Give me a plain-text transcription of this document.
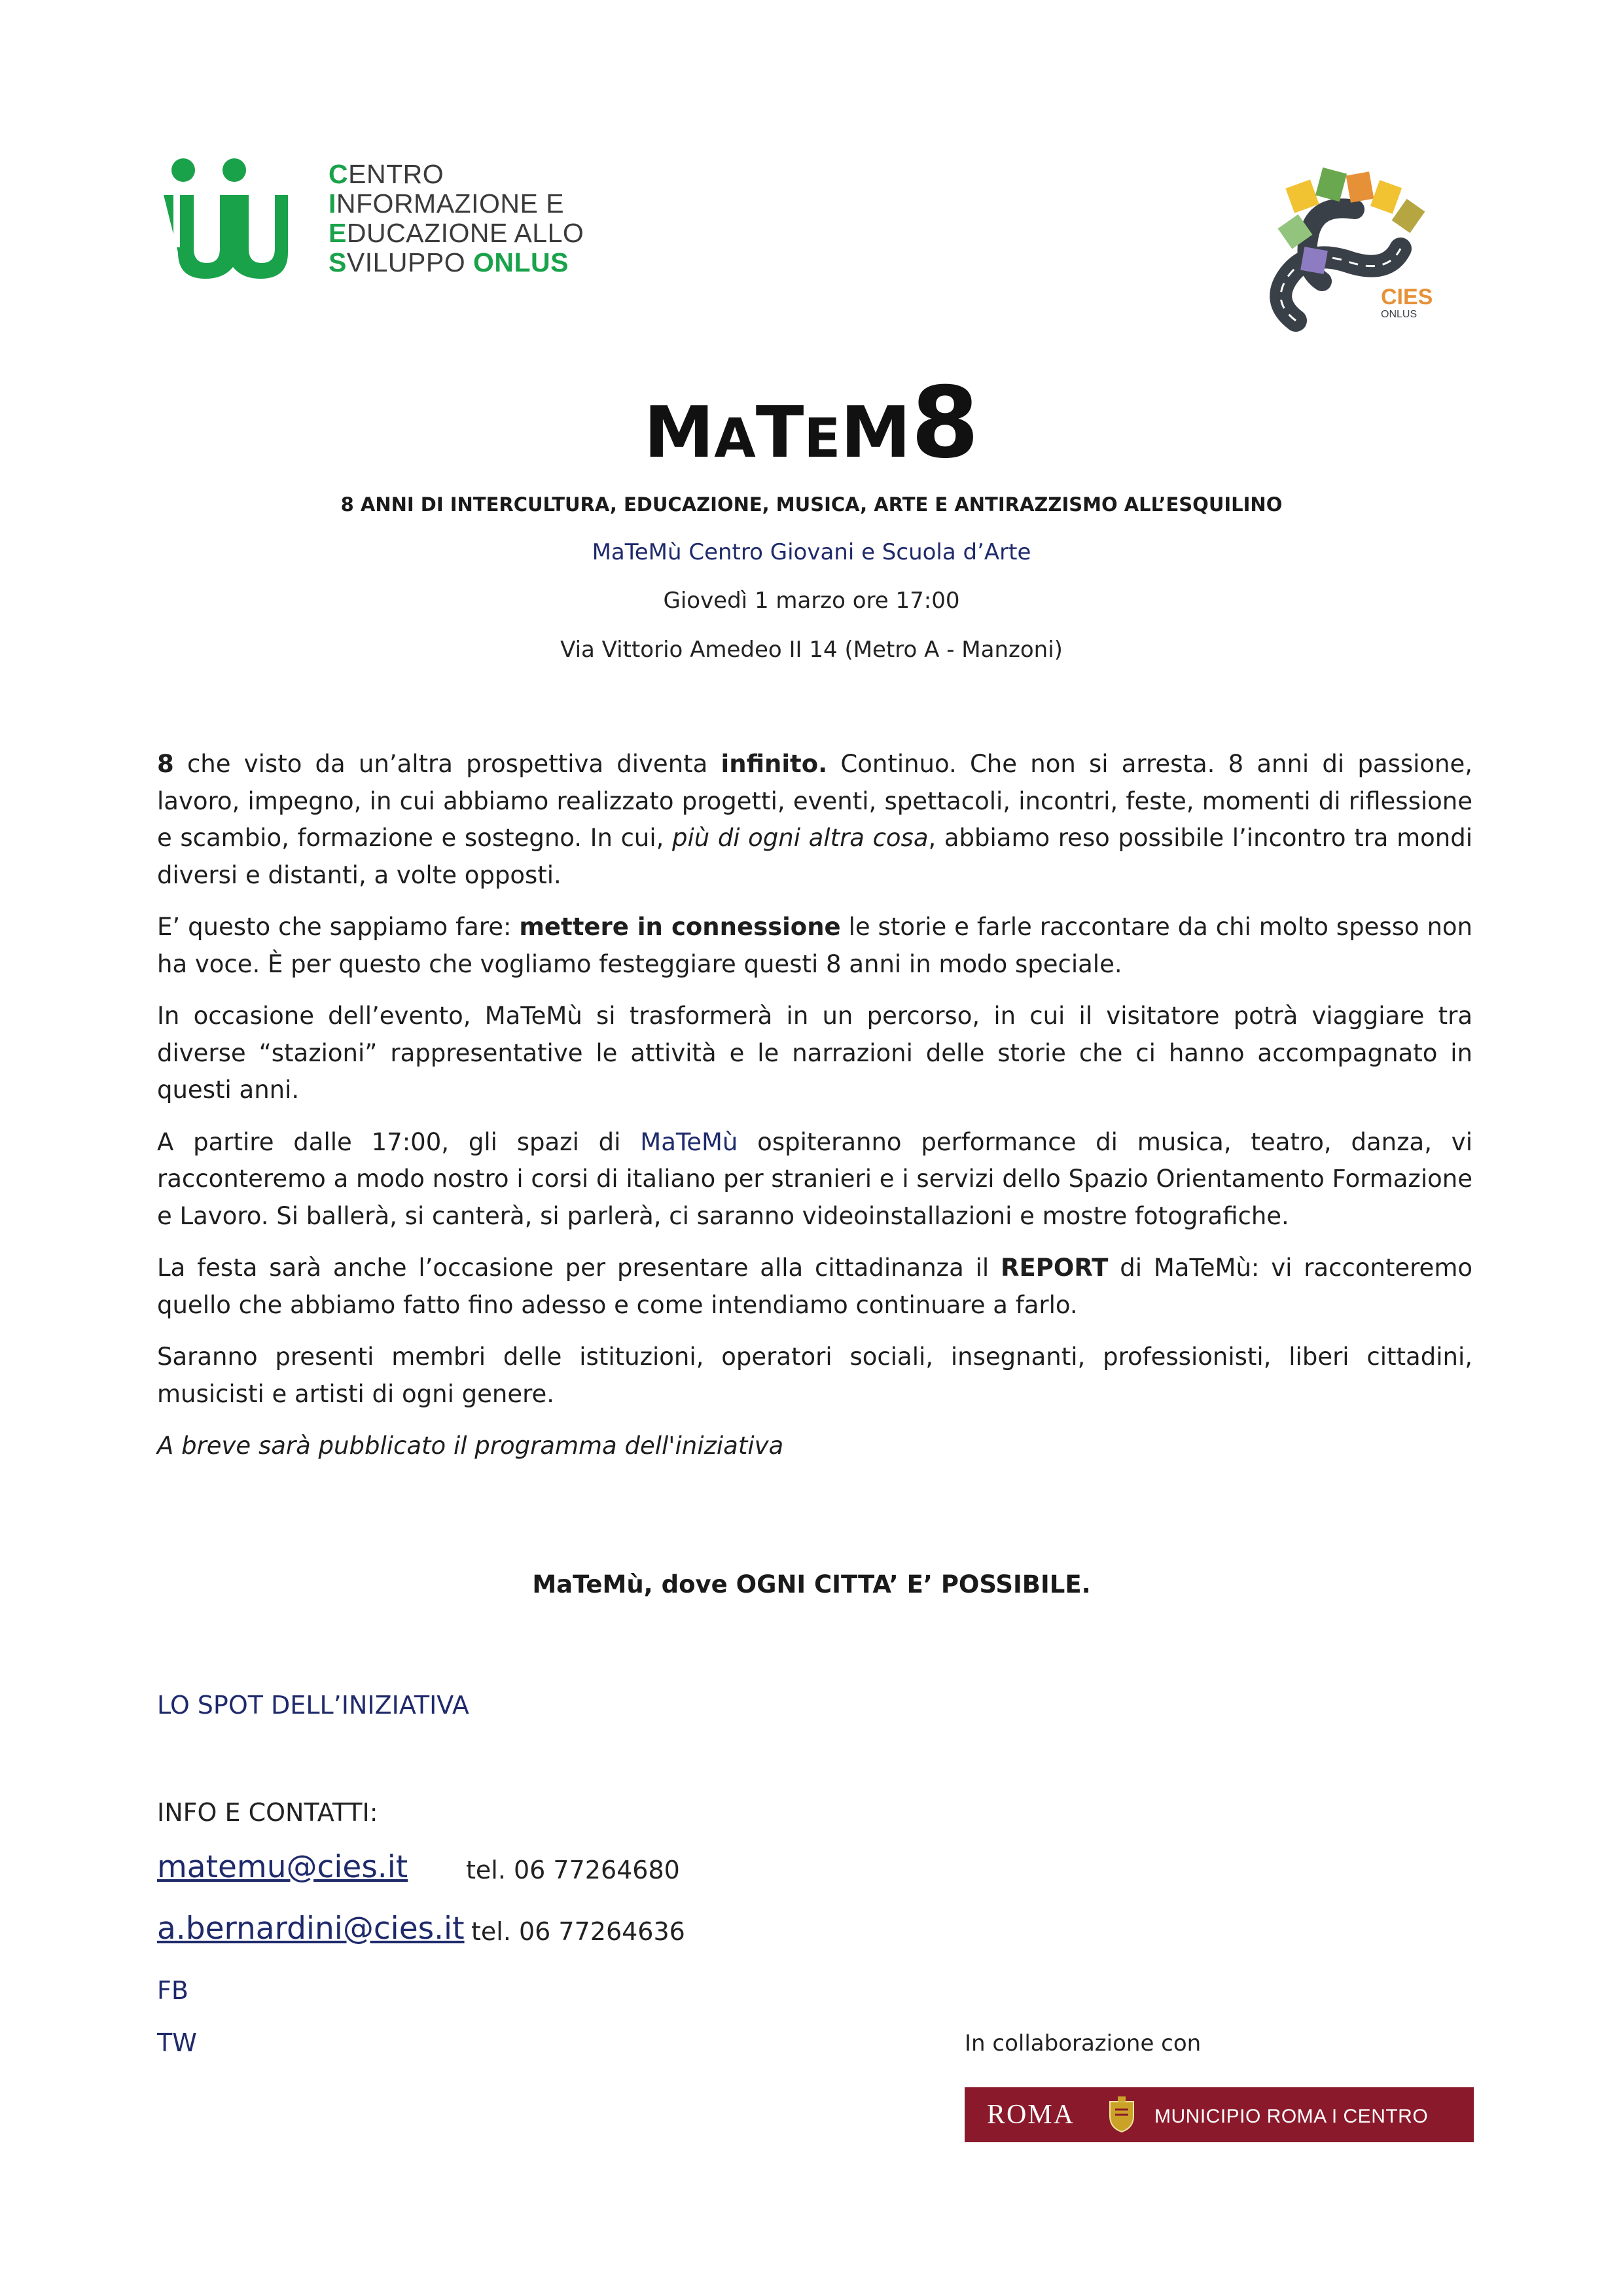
CENTRO
INFORMAZIONE E
EDUCAZIONE ALLO
SVILUPPO ONLUS
CIES
ONLUS
MATEM8
8 ANNI DI INTERCULTURA, EDUCAZIONE, MUSICA, ARTE E ANTIRAZZISMO ALL’ESQUILINO
MaTeMù Centro Giovani e Scuola d’Arte
Giovedì 1 marzo ore 17:00
Via Vittorio Amedeo II 14 (Metro A - Manzoni)

8 che visto da un’altra prospettiva diventa infinito. Continuo. Che non si arresta. 8 anni di passione, lavoro, impegno, in cui abbiamo realizzato progetti, eventi, spettacoli, incontri, feste, momenti di riflessione e scambio, formazione e sostegno. In cui, più di ogni altra cosa, abbiamo reso possibile l’incontro tra mondi diversi e distanti, a volte opposti.

E’ questo che sappiamo fare: mettere in connessione le storie e farle raccontare da chi molto spesso non ha voce. È per questo che vogliamo festeggiare questi 8 anni in modo speciale.

In occasione dell’evento, MaTeMù si trasformerà in un percorso, in cui il visitatore potrà viaggiare tra diverse “stazioni” rappresentative le attività e le narrazioni delle storie che ci hanno accompagnato in questi anni.

A partire dalle 17:00, gli spazi di MaTeMù ospiteranno performance di musica, teatro, danza, vi racconteremo a modo nostro i corsi di italiano per stranieri e i servizi dello Spazio Orientamento Formazione e Lavoro. Si ballerà, si canterà, si parlerà, ci saranno videoinstallazioni e mostre fotografiche.

La festa sarà anche l’occasione per presentare alla cittadinanza il REPORT di MaTeMù: vi racconteremo quello che abbiamo fatto fino adesso e come intendiamo continuare a farlo.

Saranno presenti membri delle istituzioni, operatori sociali, insegnanti, professionisti, liberi cittadini, musicisti e artisti di ogni genere.

A breve sarà pubblicato il programma dell'iniziativa

MaTeMù, dove OGNI CITTA’ E’ POSSIBILE.
LO SPOT DELL’INIZIATIVA
INFO E CONTATTI:
matemu@cies.it tel. 06 77264680
a.bernardini@cies.it tel. 06 77264636
FB
TW	In collaborazione con
ROMA	MUNICIPIO ROMA I CENTRO
